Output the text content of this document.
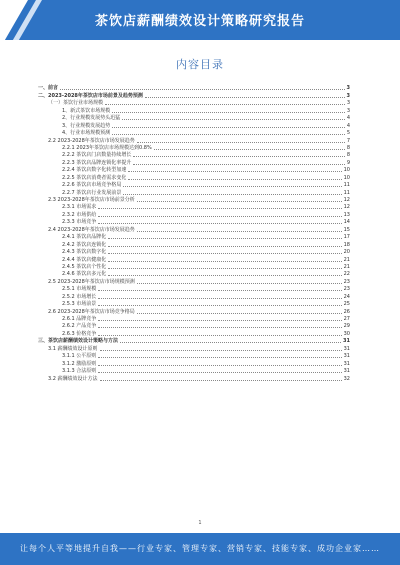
茶饮店薪酬绩效设计策略研究报告
内容目录
一、前言	3
二、2023-2028年茶饮店市场前景及趋势预测	3
（一）茶饮行业市场规模	3
1、新式茶饮市场规模	3
2、行业规模发展势头迅猛	4
3、行业规模发展趋势	4
4、行业市场规模预测	5
2.2 2023-2028年茶饮店市场发展趋势	7
2.2.1 2023年茶饮店市场规模达到0.8%	8
2.2.2 茶饮店门店数量持续增长	8
2.2.3 茶饮店品牌连锁化率提升	9
2.2.4 茶饮店数字化转型加速	10
2.2.5 茶饮店消费者需求变化	10
2.2.6 茶饮店市场竞争格局	11
2.2.7 茶饮店行业发展前景	11
2.3 2023-2028年茶饮店市场前景分析	12
2.3.1 市场需求	12
2.3.2 市场供给	13
2.3.3 市场竞争	14
2.4 2023-2028年茶饮店市场发展趋势	15
2.4.1 茶饮店品牌化	17
2.4.2 茶饮店连锁化	18
2.4.3 茶饮店数字化	20
2.4.4 茶饮店健康化	21
2.4.5 茶饮店个性化	21
2.4.6 茶饮店多元化	22
2.5 2023-2028年茶饮店市场规模预测	23
2.5.1 市场规模	23
2.5.2 市场增长	24
2.5.3 市场前景	25
2.6 2023-2028年茶饮店市场竞争格局	26
2.6.1 品牌竞争	27
2.6.2 产品竞争	29
2.6.3 价格竞争	30
三、茶饮店薪酬绩效设计策略与方法	31
3.1 薪酬绩效设计原则	31
3.1.1 公平原则	31
3.1.2 激励原则	31
3.1.3 合法原则	31
3.2 薪酬绩效设计方法	32
1
让每个人平等地提升自我——行业专家、管理专家、营销专家、技能专家、成功企业家……
